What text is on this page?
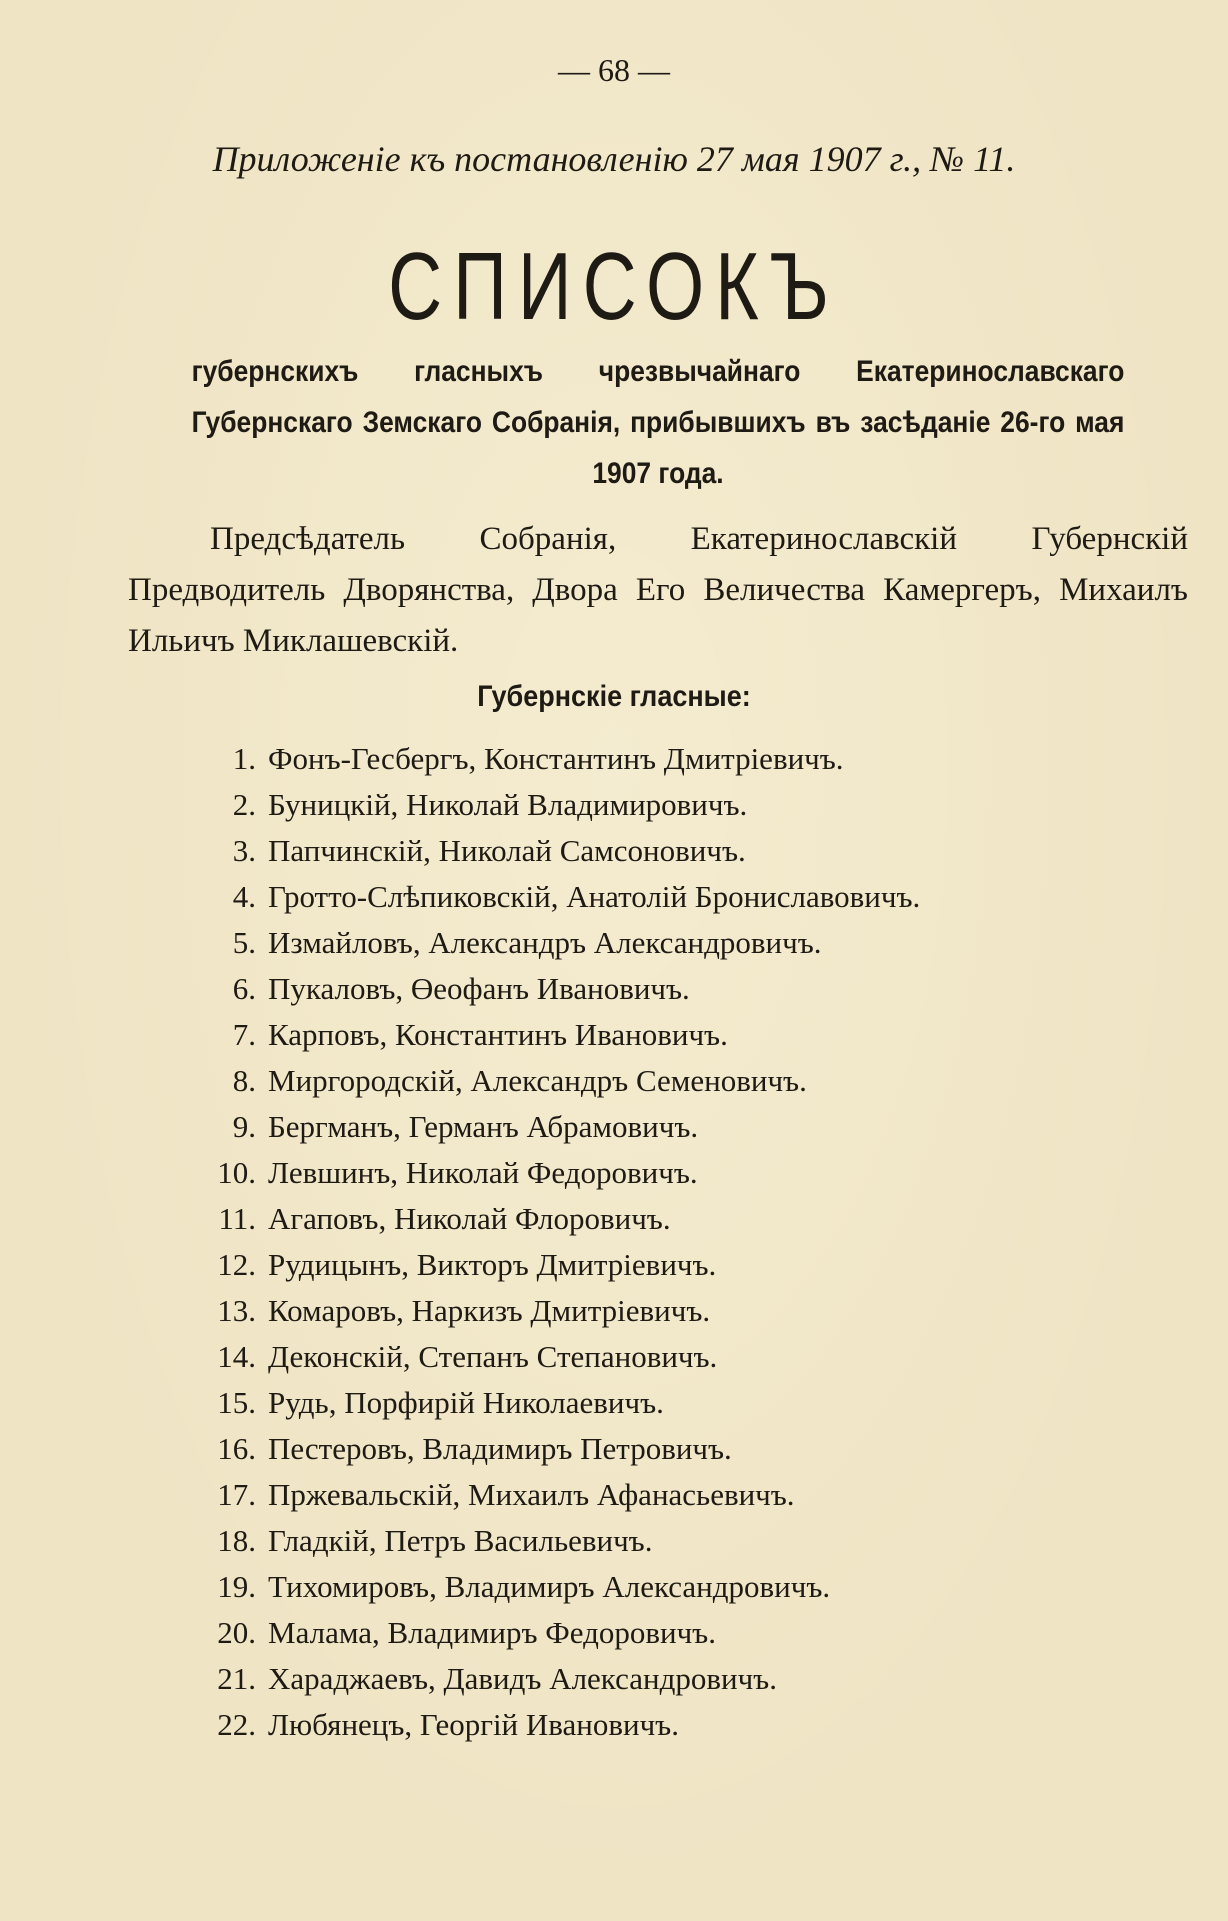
— 68 —
Приложеніе къ постановленію 27 мая 1907 г., № 11.
СПИСОКЪ
губернскихъ гласныхъ чрезвычайнаго Екатеринославскаго Губернскаго Земскаго Собранія, прибывшихъ въ засѣданіе 26-го мая 1907 года.
Предсѣдатель Собранія, Екатеринославскій Губернскій Предводитель Дворянства, Двора Его Величества Камергеръ, Михаилъ Ильичъ Миклашевскій.
Губернскіе гласные:
1. Фонъ-Гесбергъ, Константинъ Дмитріевичъ.
2. Буницкій, Николай Владимировичъ.
3. Папчинскій, Николай Самсоновичъ.
4. Гротто-Слѣпиковскій, Анатолій Брониславовичъ.
5. Измайловъ, Александръ Александровичъ.
6. Пукаловъ, Өеофанъ Ивановичъ.
7. Карповъ, Константинъ Ивановичъ.
8. Миргородскій, Александръ Семеновичъ.
9. Бергманъ, Германъ Абрамовичъ.
10. Левшинъ, Николай Федоровичъ.
11. Агаповъ, Николай Флоровичъ.
12. Рудицынъ, Викторъ Дмитріевичъ.
13. Комаровъ, Наркизъ Дмитріевичъ.
14. Деконскій, Степанъ Степановичъ.
15. Рудь, Порфирій Николаевичъ.
16. Пестеровъ, Владимиръ Петровичъ.
17. Пржевальскій, Михаилъ Афанасьевичъ.
18. Гладкій, Петръ Васильевичъ.
19. Тихомировъ, Владимиръ Александровичъ.
20. Малама, Владимиръ Федоровичъ.
21. Хараджаевъ, Давидъ Александровичъ.
22. Любянецъ, Георгій Ивановичъ.
